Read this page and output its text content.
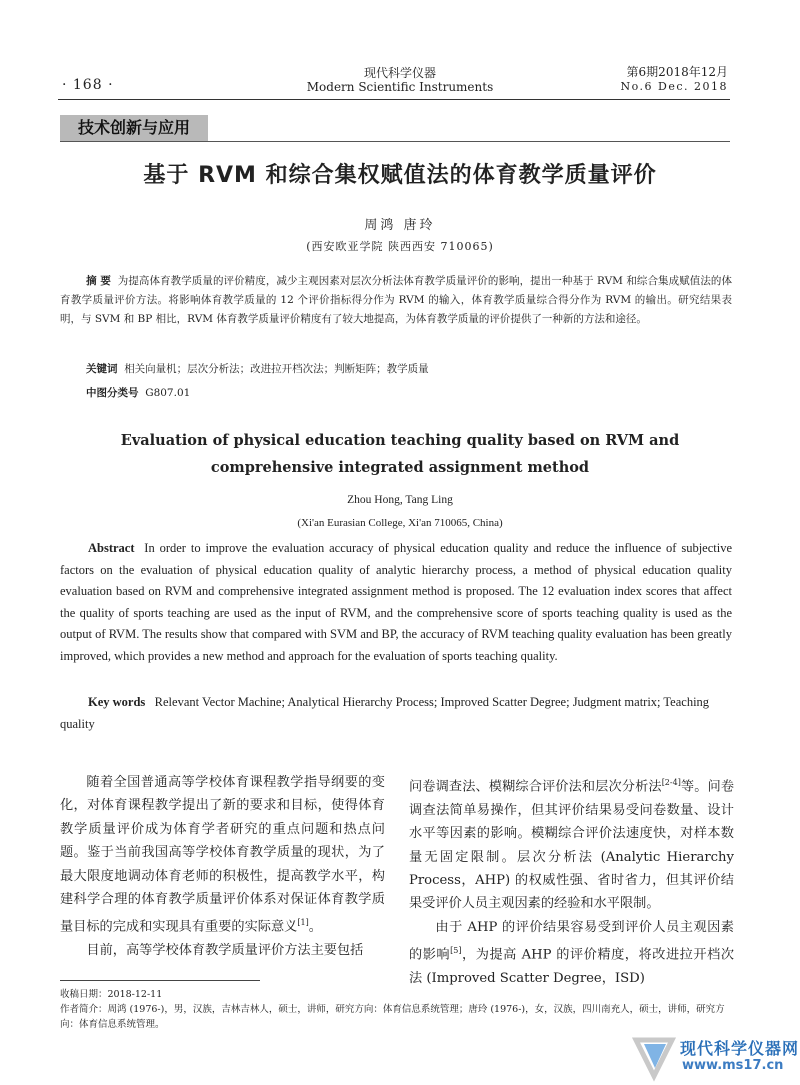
· 168 ·
现代科学仪器
Modern Scientific Instruments
第6期2018年12月
No.6 Dec. 2018
技术创新与应用
基于 RVM 和综合集权赋值法的体育教学质量评价
周鸿 唐玲
(西安欧亚学院 陕西西安 710065)
摘 要 为提高体育教学质量的评价精度，减少主观因素对层次分析法体育教学质量评价的影响，提出一种基于 RVM 和综合集成赋值法的体育教学质量评价方法。将影响体育教学质量的 12 个评价指标得分作为 RVM 的输入，体育教学质量综合得分作为 RVM 的输出。研究结果表明，与 SVM 和 BP 相比，RVM 体育教学质量评价精度有了较大地提高，为体育教学质量的评价提供了一种新的方法和途径。
关键词 相关向量机；层次分析法；改进拉开档次法；判断矩阵；教学质量
中图分类号 G807.01
Evaluation of physical education teaching quality based on RVM and comprehensive integrated assignment method
Zhou Hong, Tang Ling
(Xi'an Eurasian College, Xi'an 710065, China)
Abstract In order to improve the evaluation accuracy of physical education quality and reduce the influence of subjective factors on the evaluation of physical education quality of analytic hierarchy process, a method of physical education quality evaluation based on RVM and comprehensive integrated assignment method is proposed. The 12 evaluation index scores that affect the quality of sports teaching are used as the input of RVM, and the comprehensive score of sports teaching quality is used as the output of RVM. The results show that compared with SVM and BP, the accuracy of RVM teaching quality evaluation has been greatly improved, which provides a new method and approach for the evaluation of sports teaching quality.
Key words Relevant Vector Machine; Analytical Hierarchy Process; Improved Scatter Degree; Judgment matrix; Teaching quality

随着全国普通高等学校体育课程教学指导纲要的变化，对体育课程教学提出了新的要求和目标，使得体育教学质量评价成为体育学者研究的重点问题和热点问题。鉴于当前我国高等学校体育教学质量的现状，为了最大限度地调动体育老师的积极性，提高教学水平，构建科学合理的体育教学质量评价体系对保证体育教学质量目标的完成和实现具有重要的实际意义[1]。

目前，高等学校体育教学质量评价方法主要包括

问卷调查法、模糊综合评价法和层次分析法[2-4]等。问卷调查法简单易操作，但其评价结果易受问卷数量、设计水平等因素的影响。模糊综合评价法速度快，对样本数量无固定限制。层次分析法 (Analytic Hierarchy Process，AHP) 的权威性强、省时省力，但其评价结果受评价人员主观因素的经验和水平限制。

由于 AHP 的评价结果容易受到评价人员主观因素的影响[5]，为提高 AHP 的评价精度，将改进拉开档次法 (Improved Scatter Degree，ISD)

收稿日期：2018-12-11
作者简介：周鸿 (1976-)，男，汉族，吉林吉林人，硕士，讲师，研究方向：体育信息系统管理；唐玲 (1976-)，女，汉族，四川南充人，硕士，讲师，研究方向：体育信息系统管理。
现代科学仪器网
www.ms17.cn
